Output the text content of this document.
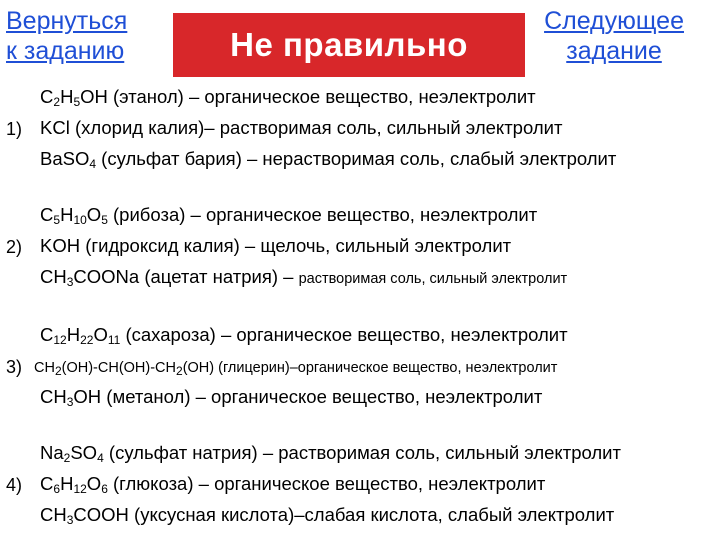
Вернуться
к заданию	Не правильно
Следующее
задание
1)
$C_2H_5OH$ (этанол) – органическое вещество, неэлектролит
KCl (хлорид калия)– растворимая соль, сильный электролит
BaSO$_4$ (сульфат бария) – нерастворимая соль, слабый электролит
2)
$C_5H_{10}O_5$ (рибоза) – органическое вещество, неэлектролит
KOH (гидроксид калия) – щелочь, сильный электролит
$CH_3COONa$ (ацетат натрия) – растворимая соль, сильный электролит
3)
$C_{12}H_{22}O_{11}$ (сахароза) – органическое вещество, неэлектролит
$CH_2(OH)-CH(OH)-CH_2(OH)$ (глицерин)–органическое вещество, неэлектролит
$CH_3OH$ (метанол) – органическое вещество, неэлектролит
4)
$Na_2SO_4$ (сульфат натрия) – растворимая соль, сильный электролит
$C_6H_{12}O_6$ (глюкоза) – органическое вещество, неэлектролит
$CH_3COOH$ (уксусная кислота)–слабая кислота, слабый электролит
